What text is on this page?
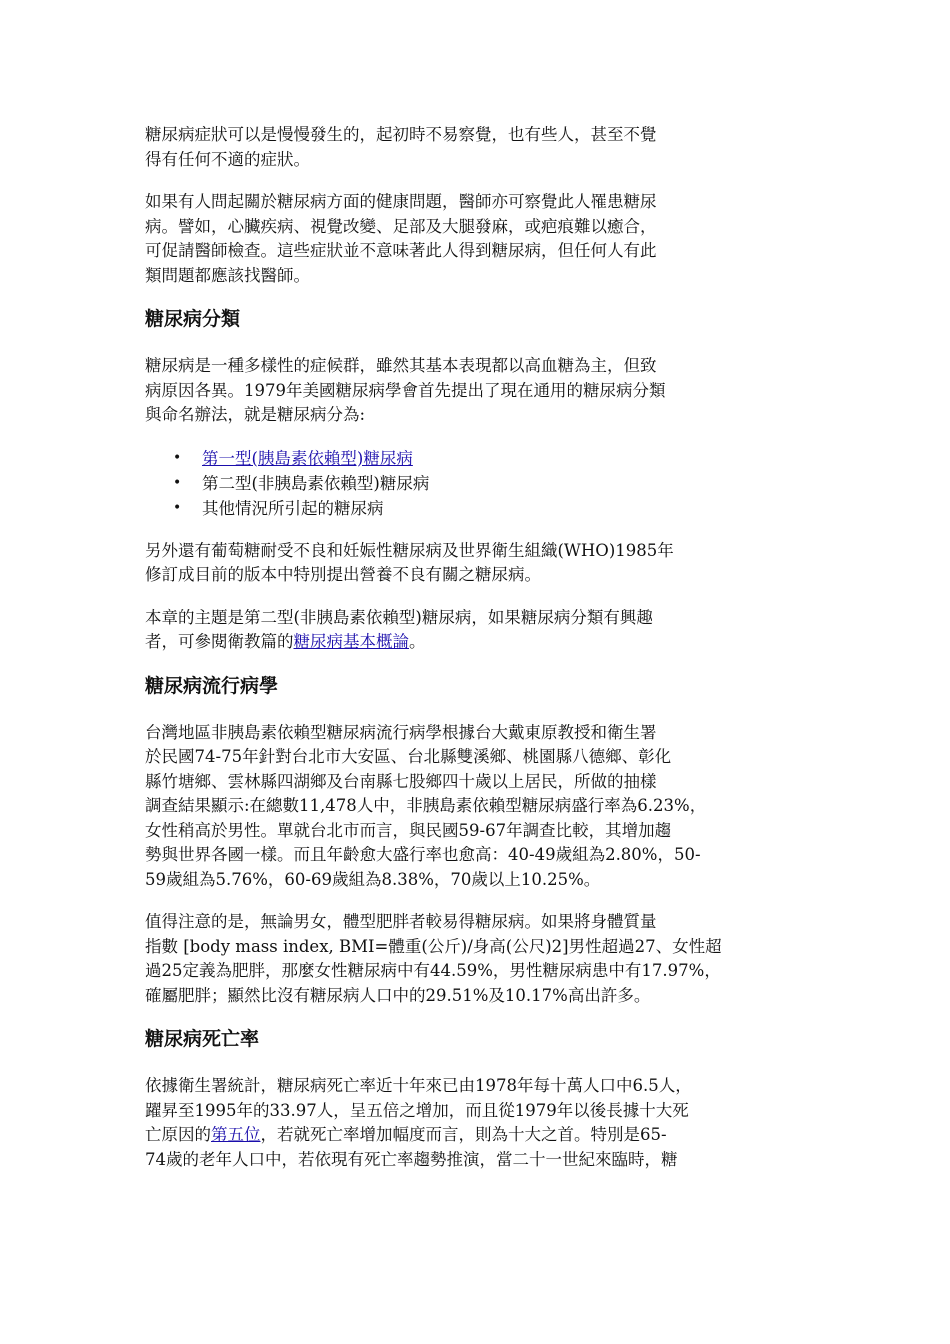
糖尿病症狀可以是慢慢發生的，起初時不易察覺，也有些人，甚至不覺
得有任何不適的症狀。

如果有人問起關於糖尿病方面的健康問題，醫師亦可察覺此人罹患糖尿
病。譬如，心臟疾病、視覺改變、足部及大腿發麻，或疤痕難以癒合，
可促請醫師檢查。這些症狀並不意味著此人得到糖尿病，但任何人有此
類問題都應該找醫師。

糖尿病分類

糖尿病是一種多樣性的症候群，雖然其基本表現都以高血糖為主，但致
病原因各異。1979年美國糖尿病學會首先提出了現在通用的糖尿病分類
與命名辦法，就是糖尿病分為:

• 第一型(胰島素依賴型)糖尿病
• 第二型(非胰島素依賴型)糖尿病
• 其他情況所引起的糖尿病

另外還有葡萄糖耐受不良和妊娠性糖尿病及世界衛生組織(WHO)1985年
修訂成目前的版本中特別提出營養不良有關之糖尿病。

本章的主題是第二型(非胰島素依賴型)糖尿病，如果糖尿病分類有興趣
者，可參閱衛教篇的糖尿病基本概論。

糖尿病流行病學

台灣地區非胰島素依賴型糖尿病流行病學根據台大戴東原教授和衛生署
於民國74-75年針對台北市大安區、台北縣雙溪鄉、桃園縣八德鄉、彰化
縣竹塘鄉、雲林縣四湖鄉及台南縣七股鄉四十歲以上居民，所做的抽樣
調查結果顯示:在總數11,478人中，非胰島素依賴型糖尿病盛行率為6.23%，
女性稍高於男性。單就台北市而言，與民國59-67年調查比較，其增加趨
勢與世界各國一樣。而且年齡愈大盛行率也愈高：40-49歲組為2.80%，50-
59歲組為5.76%，60-69歲組為8.38%，70歲以上10.25%。

值得注意的是，無論男女，體型肥胖者較易得糖尿病。如果將身體質量
指數 [body mass index, BMI=體重(公斤)/身高(公尺)2]男性超過27、女性超
過25定義為肥胖，那麼女性糖尿病中有44.59%，男性糖尿病患中有17.97%，
確屬肥胖；顯然比沒有糖尿病人口中的29.51%及10.17%高出許多。

糖尿病死亡率

依據衛生署統計，糖尿病死亡率近十年來已由1978年每十萬人口中6.5人，
躍昇至1995年的33.97人，呈五倍之增加，而且從1979年以後長據十大死
亡原因的第五位，若就死亡率增加幅度而言，則為十大之首。特別是65-
74歲的老年人口中，若依現有死亡率趨勢推演，當二十一世紀來臨時，糖
